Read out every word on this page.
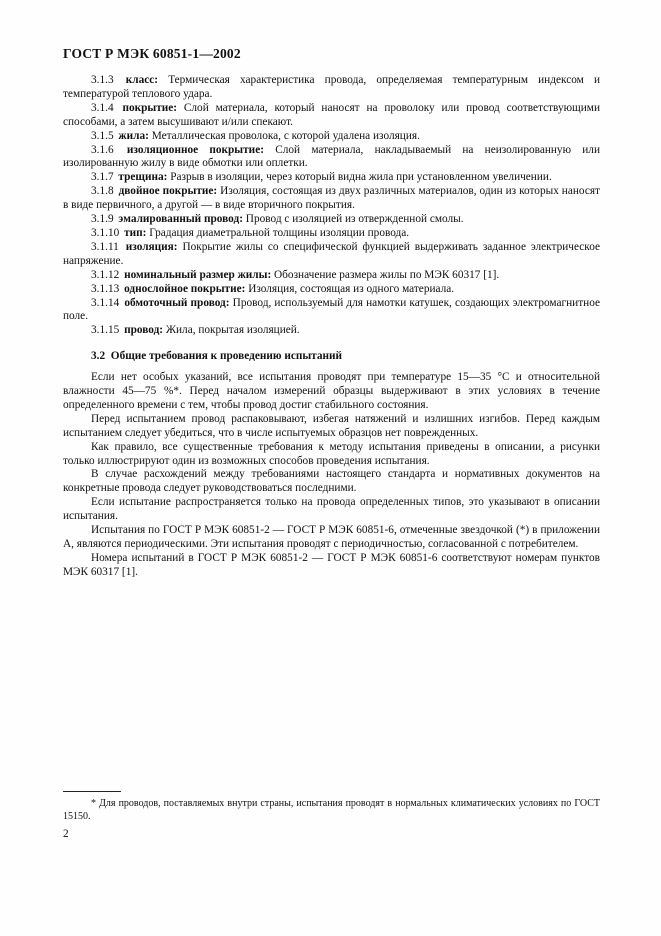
ГОСТ Р МЭК 60851-1—2002

3.1.3 класс: Термическая характеристика провода, определяемая температурным индексом и температурой теплового удара.

3.1.4 покрытие: Слой материала, который наносят на проволоку или провод соответствующими способами, а затем высушивают и/или спекают.

3.1.5 жила: Металлическая проволока, с которой удалена изоляция.

3.1.6 изоляционное покрытие: Слой материала, накладываемый на неизолированную или изолированную жилу в виде обмотки или оплетки.

3.1.7 трещина: Разрыв в изоляции, через который видна жила при установленном увеличении.

3.1.8 двойное покрытие: Изоляция, состоящая из двух различных материалов, один из которых наносят в виде первичного, а другой — в виде вторичного покрытия.

3.1.9 эмалированный провод: Провод с изоляцией из отвержденной смолы.

3.1.10 тип: Градация диаметральной толщины изоляции провода.

3.1.11 изоляция: Покрытие жилы со специфической функцией выдерживать заданное электрическое напряжение.

3.1.12 номинальный размер жилы: Обозначение размера жилы по МЭК 60317 [1].

3.1.13 однослойное покрытие: Изоляция, состоящая из одного материала.

3.1.14 обмоточный провод: Провод, используемый для намотки катушек, создающих электромагнитное поле.

3.1.15 провод: Жила, покрытая изоляцией.

3.2 Общие требования к проведению испытаний

Если нет особых указаний, все испытания проводят при температуре 15—35 °С и относительной влажности 45—75 %*. Перед началом измерений образцы выдерживают в этих условиях в течение определенного времени с тем, чтобы провод достиг стабильного состояния.

Перед испытанием провод распаковывают, избегая натяжений и излишних изгибов. Перед каждым испытанием следует убедиться, что в числе испытуемых образцов нет поврежденных.

Как правило, все существенные требования к методу испытания приведены в описании, а рисунки только иллюстрируют один из возможных способов проведения испытания.

В случае расхождений между требованиями настоящего стандарта и нормативных документов на конкретные провода следует руководствоваться последними.

Если испытание распространяется только на провода определенных типов, это указывают в описании испытания.

Испытания по ГОСТ Р МЭК 60851-2 — ГОСТ Р МЭК 60851-6, отмеченные звездочкой (*) в приложении А, являются периодическими. Эти испытания проводят с периодичностью, согласованной с потребителем.

Номера испытаний в ГОСТ Р МЭК 60851-2 — ГОСТ Р МЭК 60851-6 соответствуют номерам пунктов МЭК 60317 [1].

* Для проводов, поставляемых внутри страны, испытания проводят в нормальных климатических условиях по ГОСТ 15150.

2
